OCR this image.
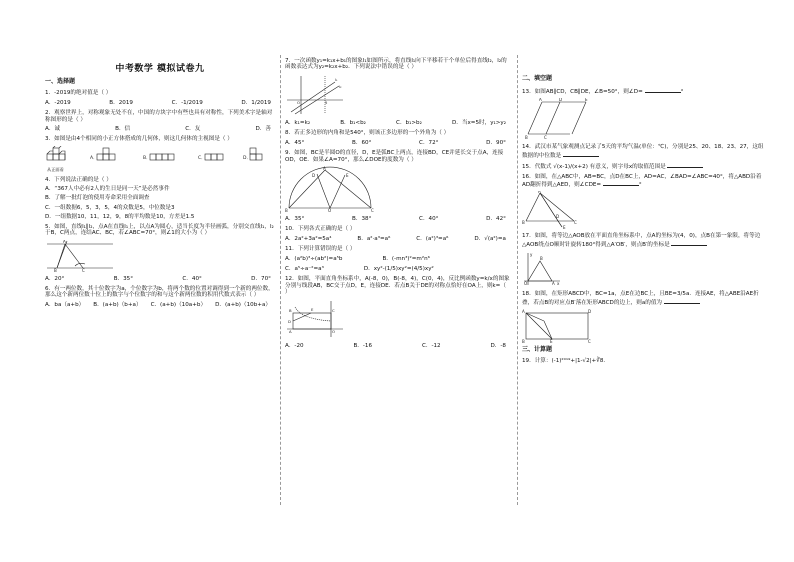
中考数学 模拟试卷九
一、选择题
1．-2019的绝对值是（ ）
A．-2019	B．2019	C．-1/2019	D．1/2019
2．观察世界上，对称观象无处不在，中国的方块字中有些也具有对称性，下列美术字是轴对称图形的是（ ）
A．诚	B．信	C．友	D．善
3．如图是由4个相同的小正方体搭成的几何体，则这几何体的主视图是（ ）
A．	B．	C．	D．
从正面看
4．下列说法正确的是（ ）
A．“367人中必有2人的生日是同一天”是必然事件
B．了解一批灯泡的使用寿命采用全面调查
C．一组数据6，5，3，5，4的众数是5，中位数是3
D．一组数据10，11，12，9，8的平均数是10，方差是1.5
5．如图，直线l₁∥l₂，点A在直线l₁上，以点A为圆心，适当长度为半径画弧，分别交直线l₁，l₂于B，C两点，连结AC、BC，若∠ABC=70°，则∠1的大小为（ ）
A
B	C
A．20°	B．35°	C．40°	D．70°
6．有一两位数，其十位数字为a，个位数字为b，将两个数的位置对调得到一个新的两位数，那么这个新两位数十位上的数字与个位数字的和与这个新两位数的积用代数式表示（ ）
A．ba（a+b） B．(a+b)（b+a） C．(a+b)（10a+b） D．(a+b)（10b+a）
7．一次函数y₁=k₁x+b₁的图象l₁如图所示，将直线l₁向下平移若干个单位后得直线l₂，l₂的函数表达式为y₂=k₂x+b₂．下列说法中错误的是（ ）
l₁
l₂
O	5
A．k₁=k₂	B．b₁<b₂	C．b₁>b₂	D．当x=5时，y₁>y₂
8．若正多边形的内角和是540°，则该正多边形的一个外角为（ ）
A．45°	B．60°	C．72°	D．90°
9．如图，BC是半圆O的直径，D，E是弧BC上两点，连接BD，CE并延长交于点A，连接OD，OE．如果∠A=70°，那么∠DOE的度数为（ ）
B	C
O
A
D	E
A．35°	B．38°	C．40°	D．42°
10．下列各式正确的是（ ）
A．2a²+3a²=5a⁴	B．a²·a³=a⁶	C．(a²)³=a⁶	D．√(a²)=a
11．下列计算错误的是（ ）
A．(a²b)³÷(ab²)=a⁵b	B．(-mn³)²=m²n⁶
C．a⁵÷a⁻²=a³	D．xy²-(1/5)xy²=(4/5)xy²
12．如图，平面直角坐标系中，A(-8，0)，B(-8，4)，C(0，4)，反比例函数y=k/x的图象分别与线段AB，BC交于点D，E，连接DE．若点B关于DE的对称点恰好在OA上，则k=（ ）
B
A
C
O
D
E
A．-20	B．-16	C．-12	D．-8
二、填空题
13．如图AB∥CD，CB∥DE，∠B=50°，则∠D=	°
A	D	E
B	C
14．武汉市某气象观测点记录了5天的平均气温(单位：℃)，分别是25、20、18、23、27，这组数据的中位数是
15．代数式 √(x-1)/(x+2) 有意义，则字母x的取值范围是
16．如图，在△ABC中，AB=BC，点D在BC上，AD=AC，∠BAD=∠ABC=40°，将△ABD沿着AD翻折得到△AED，则∠CDE=	°
A
B	C
D
E
17．如图，将等边△AOB放在平面直角坐标系中，点A的坐标为(4，0)，点B在第一象限，将等边△AOB绕点O顺时针旋转180°得到△A′OB′，则点B′的坐标是
O	A
B
x
y
18．如图，在矩形ABCD中，BC=1a，点E在边BC上，且BE=3/5a．连接AE，将△ABE沿AE折叠，若点B的对应点B′落在矩形ABCD的边上，则a的值为
A
B	C
D
E
三、计算题
19．计算：(-1)²⁰¹⁹+|1-√2|+∛8．
